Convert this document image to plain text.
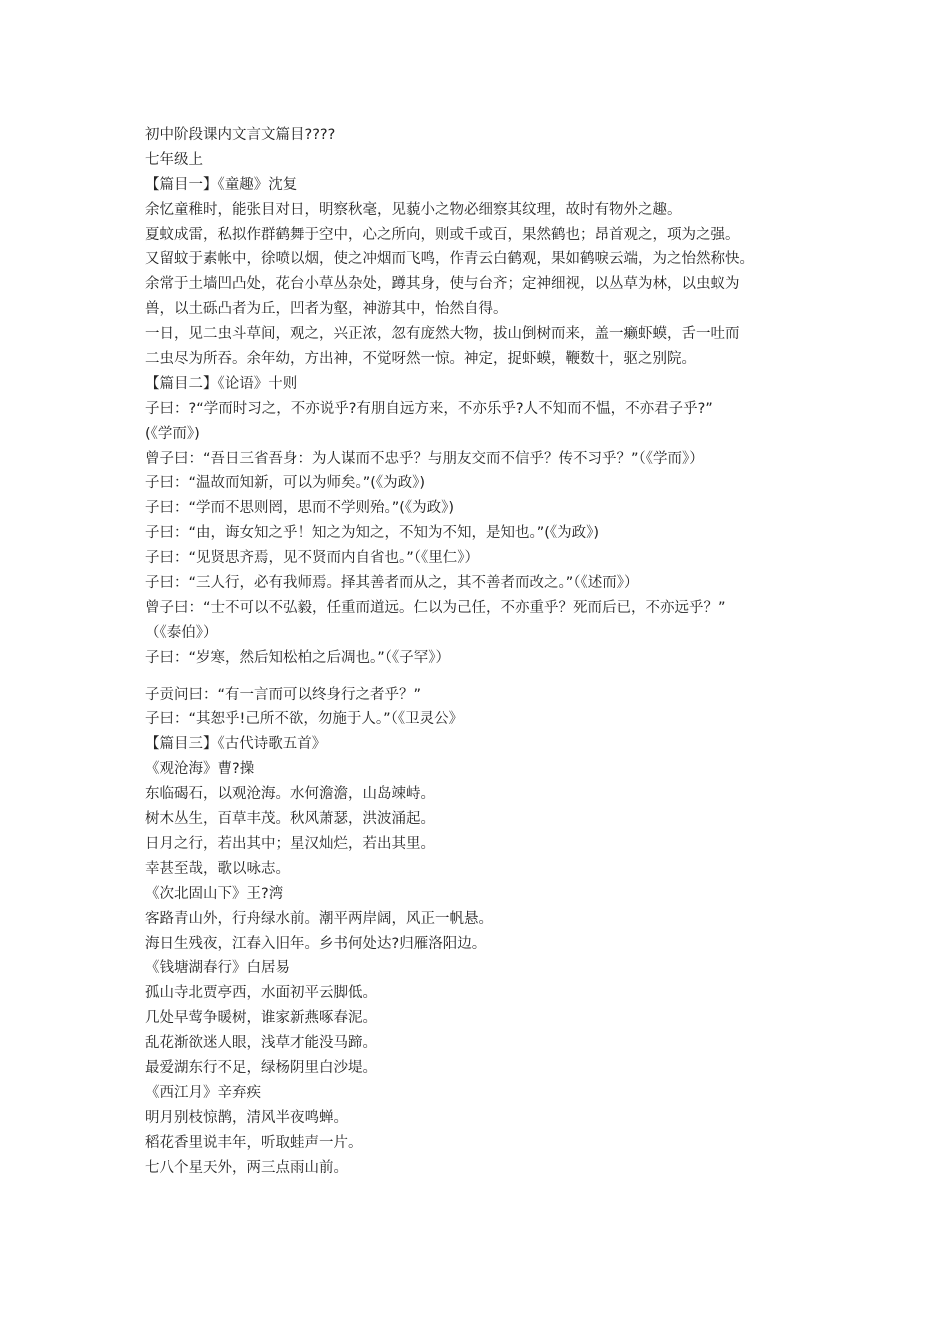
初中阶段课内文言文篇目????
七年级上
【篇目一】《童趣》沈复
余忆童稚时，能张目对日，明察秋毫，见藐小之物必细察其纹理，故时有物外之趣。
夏蚊成雷，私拟作群鹤舞于空中，心之所向，则或千或百，果然鹤也；昂首观之，项为之强。
又留蚊于素帐中，徐喷以烟，使之冲烟而飞鸣，作青云白鹤观，果如鹤唳云端，为之怡然称快。
余常于土墙凹凸处，花台小草丛杂处，蹲其身，使与台齐；定神细视，以丛草为林，以虫蚁为
兽，以土砾凸者为丘，凹者为壑，神游其中，怡然自得。
一日，见二虫斗草间，观之，兴正浓，忽有庞然大物，拔山倒树而来，盖一癞虾蟆，舌一吐而
二虫尽为所吞。余年幼，方出神，不觉呀然一惊。神定，捉虾蟆，鞭数十，驱之别院。
【篇目二】《论语》十则
子曰：?“学而时习之，不亦说乎?有朋自远方来，不亦乐乎?人不知而不愠，不亦君子乎?”
(《学而》)
曾子曰：“吾日三省吾身：为人谋而不忠乎？与朋友交而不信乎？传不习乎？”（《学而》）
子曰：“温故而知新，可以为师矣。”(《为政》)
子曰：“学而不思则罔，思而不学则殆。”(《为政》)
子曰：“由，诲女知之乎！知之为知之，不知为不知，是知也。”(《为政》)
子曰：“见贤思齐焉，见不贤而内自省也。”（《里仁》）
子曰：“三人行，必有我师焉。择其善者而从之，其不善者而改之。”（《述而》）
曾子曰：“士不可以不弘毅，任重而道远。仁以为己任，不亦重乎？死而后已，不亦远乎？”
（《泰伯》）
子曰：“岁寒，然后知松柏之后凋也。”（《子罕》）
子贡问曰：“有一言而可以终身行之者乎？”
子曰：“其恕乎!己所不欲，勿施于人。”（《卫灵公》
【篇目三】《古代诗歌五首》
《观沧海》曹?操
东临碣石，以观沧海。水何澹澹，山岛竦峙。
树木丛生，百草丰茂。秋风萧瑟，洪波涌起。
日月之行，若出其中；星汉灿烂，若出其里。
幸甚至哉，歌以咏志。
《次北固山下》王?湾
客路青山外，行舟绿水前。潮平两岸阔，风正一帆悬。
海日生残夜，江春入旧年。乡书何处达?归雁洛阳边。
《钱塘湖春行》白居易
孤山寺北贾亭西，水面初平云脚低。
几处早莺争暖树，谁家新燕啄春泥。
乱花渐欲迷人眼，浅草才能没马蹄。
最爱湖东行不足，绿杨阴里白沙堤。
《西江月》辛弃疾
明月别枝惊鹊，清风半夜鸣蝉。
稻花香里说丰年，听取蛙声一片。
七八个星天外，两三点雨山前。
